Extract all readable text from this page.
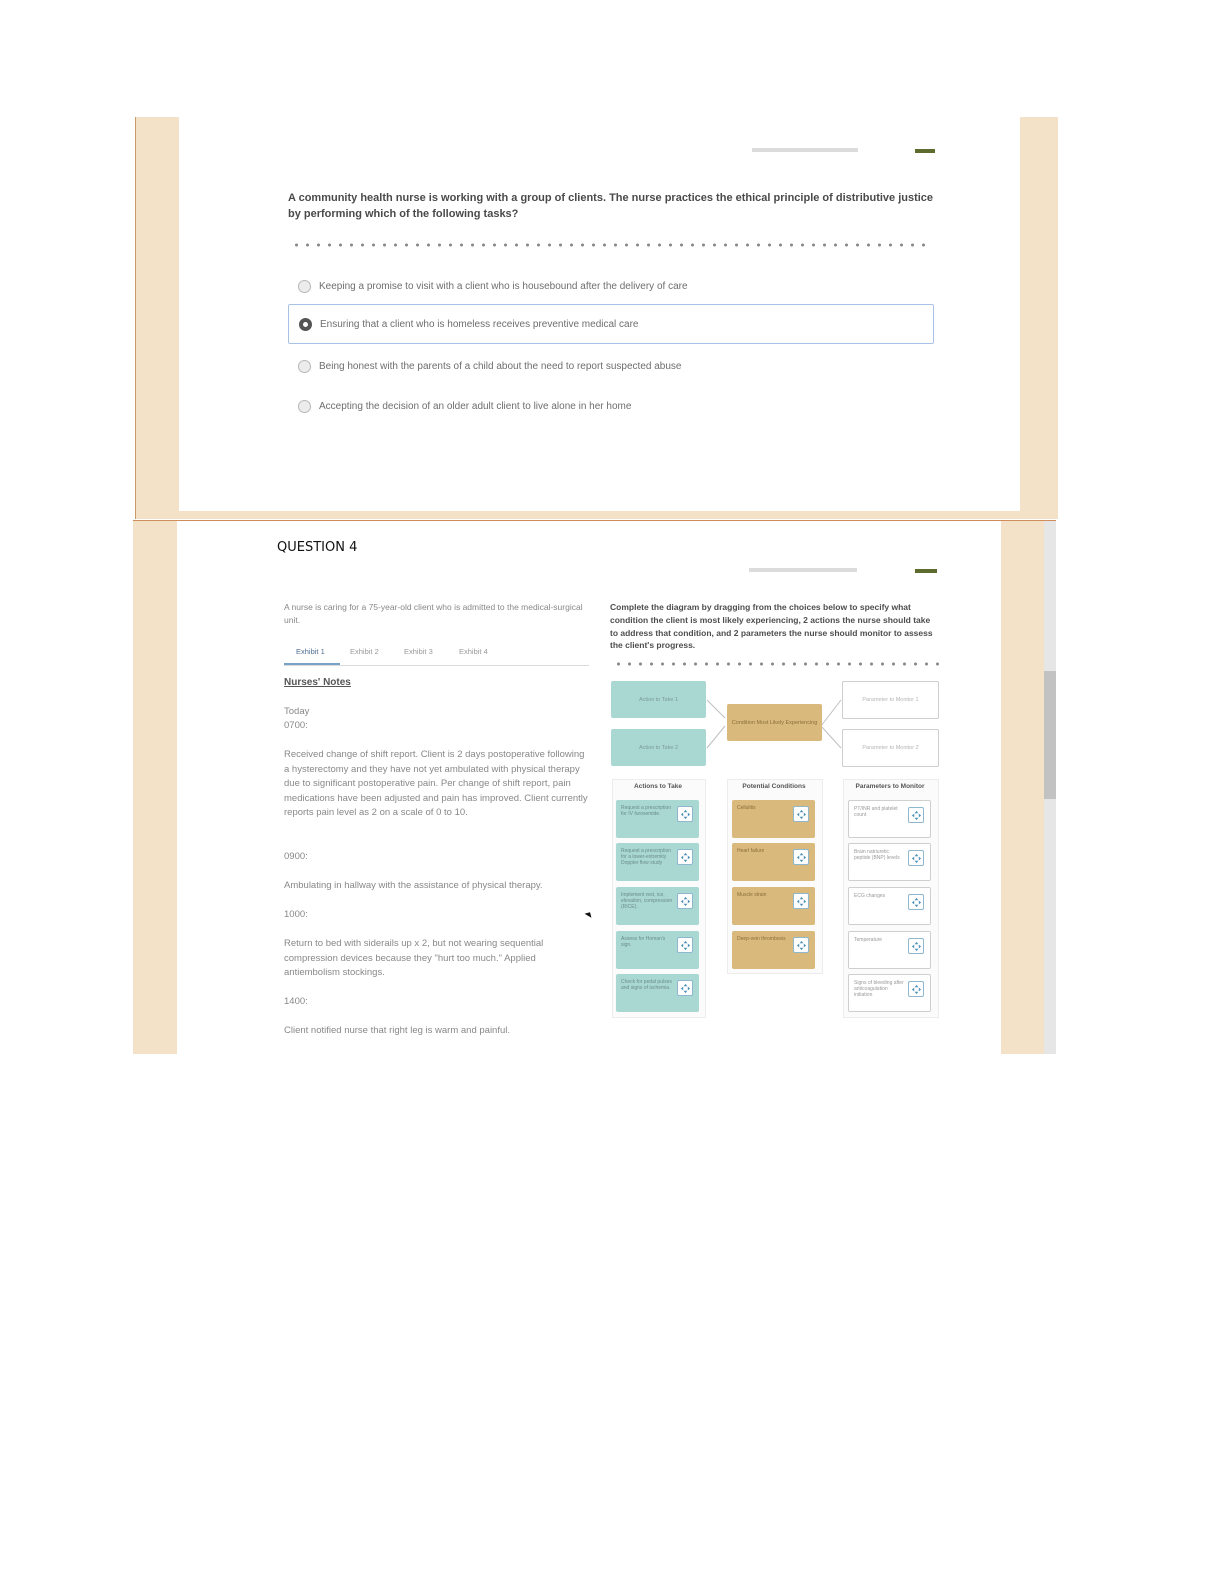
A community health nurse is working with a group of clients. The nurse practices the ethical principle of distributive justice by performing which of the following tasks?
Keeping a promise to visit with a client who is housebound after the delivery of care
Ensuring that a client who is homeless receives preventive medical care
Being honest with the parents of a child about the need to report suspected abuse
Accepting the decision of an older adult client to live alone in her home
A nurse is caring for a 75-year-old client who is admitted to the medical-surgical unit.
Exhibit 1	Exhibit 2	Exhibit 3	Exhibit 4
Nurses' Notes
Today
0700:
Received change of shift report. Client is 2 days postoperative following a hysterectomy and they have not yet ambulated with physical therapy due to significant postoperative pain. Per change of shift report, pain medications have been adjusted and pain has improved. Client currently reports pain level as 2 on a scale of 0 to 10.
0900:
Ambulating in hallway with the assistance of physical therapy.
1000:
Return to bed with siderails up x 2, but not wearing sequential compression devices because they "hurt too much." Applied antiembolism stockings.
1400:
Client notified nurse that right leg is warm and painful.
Complete the diagram by dragging from the choices below to specify what condition the client is most likely experiencing, 2 actions the nurse should take to address that condition, and 2 parameters the nurse should monitor to assess the client's progress.
Action to Take 1
Action to Take 2
Condition Most Likely Experiencing
Parameter to Monitor 1
Parameter to Monitor 2
Actions to Take	Potential Conditions	Parameters to Monitor
Request a prescription for IV furosemide.
Request a prescription for a lower-extremity Doppler flow study
Implement rest, ice, elevation, compression (RICE).
Assess for Homan's sign.
Check for pedal pulses and signs of ischemia.
Cellulitis
Heart failure
Muscle strain
Deep-vein thrombosis
PT/INR and platelet count
Brain natriuretic peptide (BNP) levels
ECG changes
Temperature
Signs of bleeding after anticoagulation initiation
QUESTION 4
